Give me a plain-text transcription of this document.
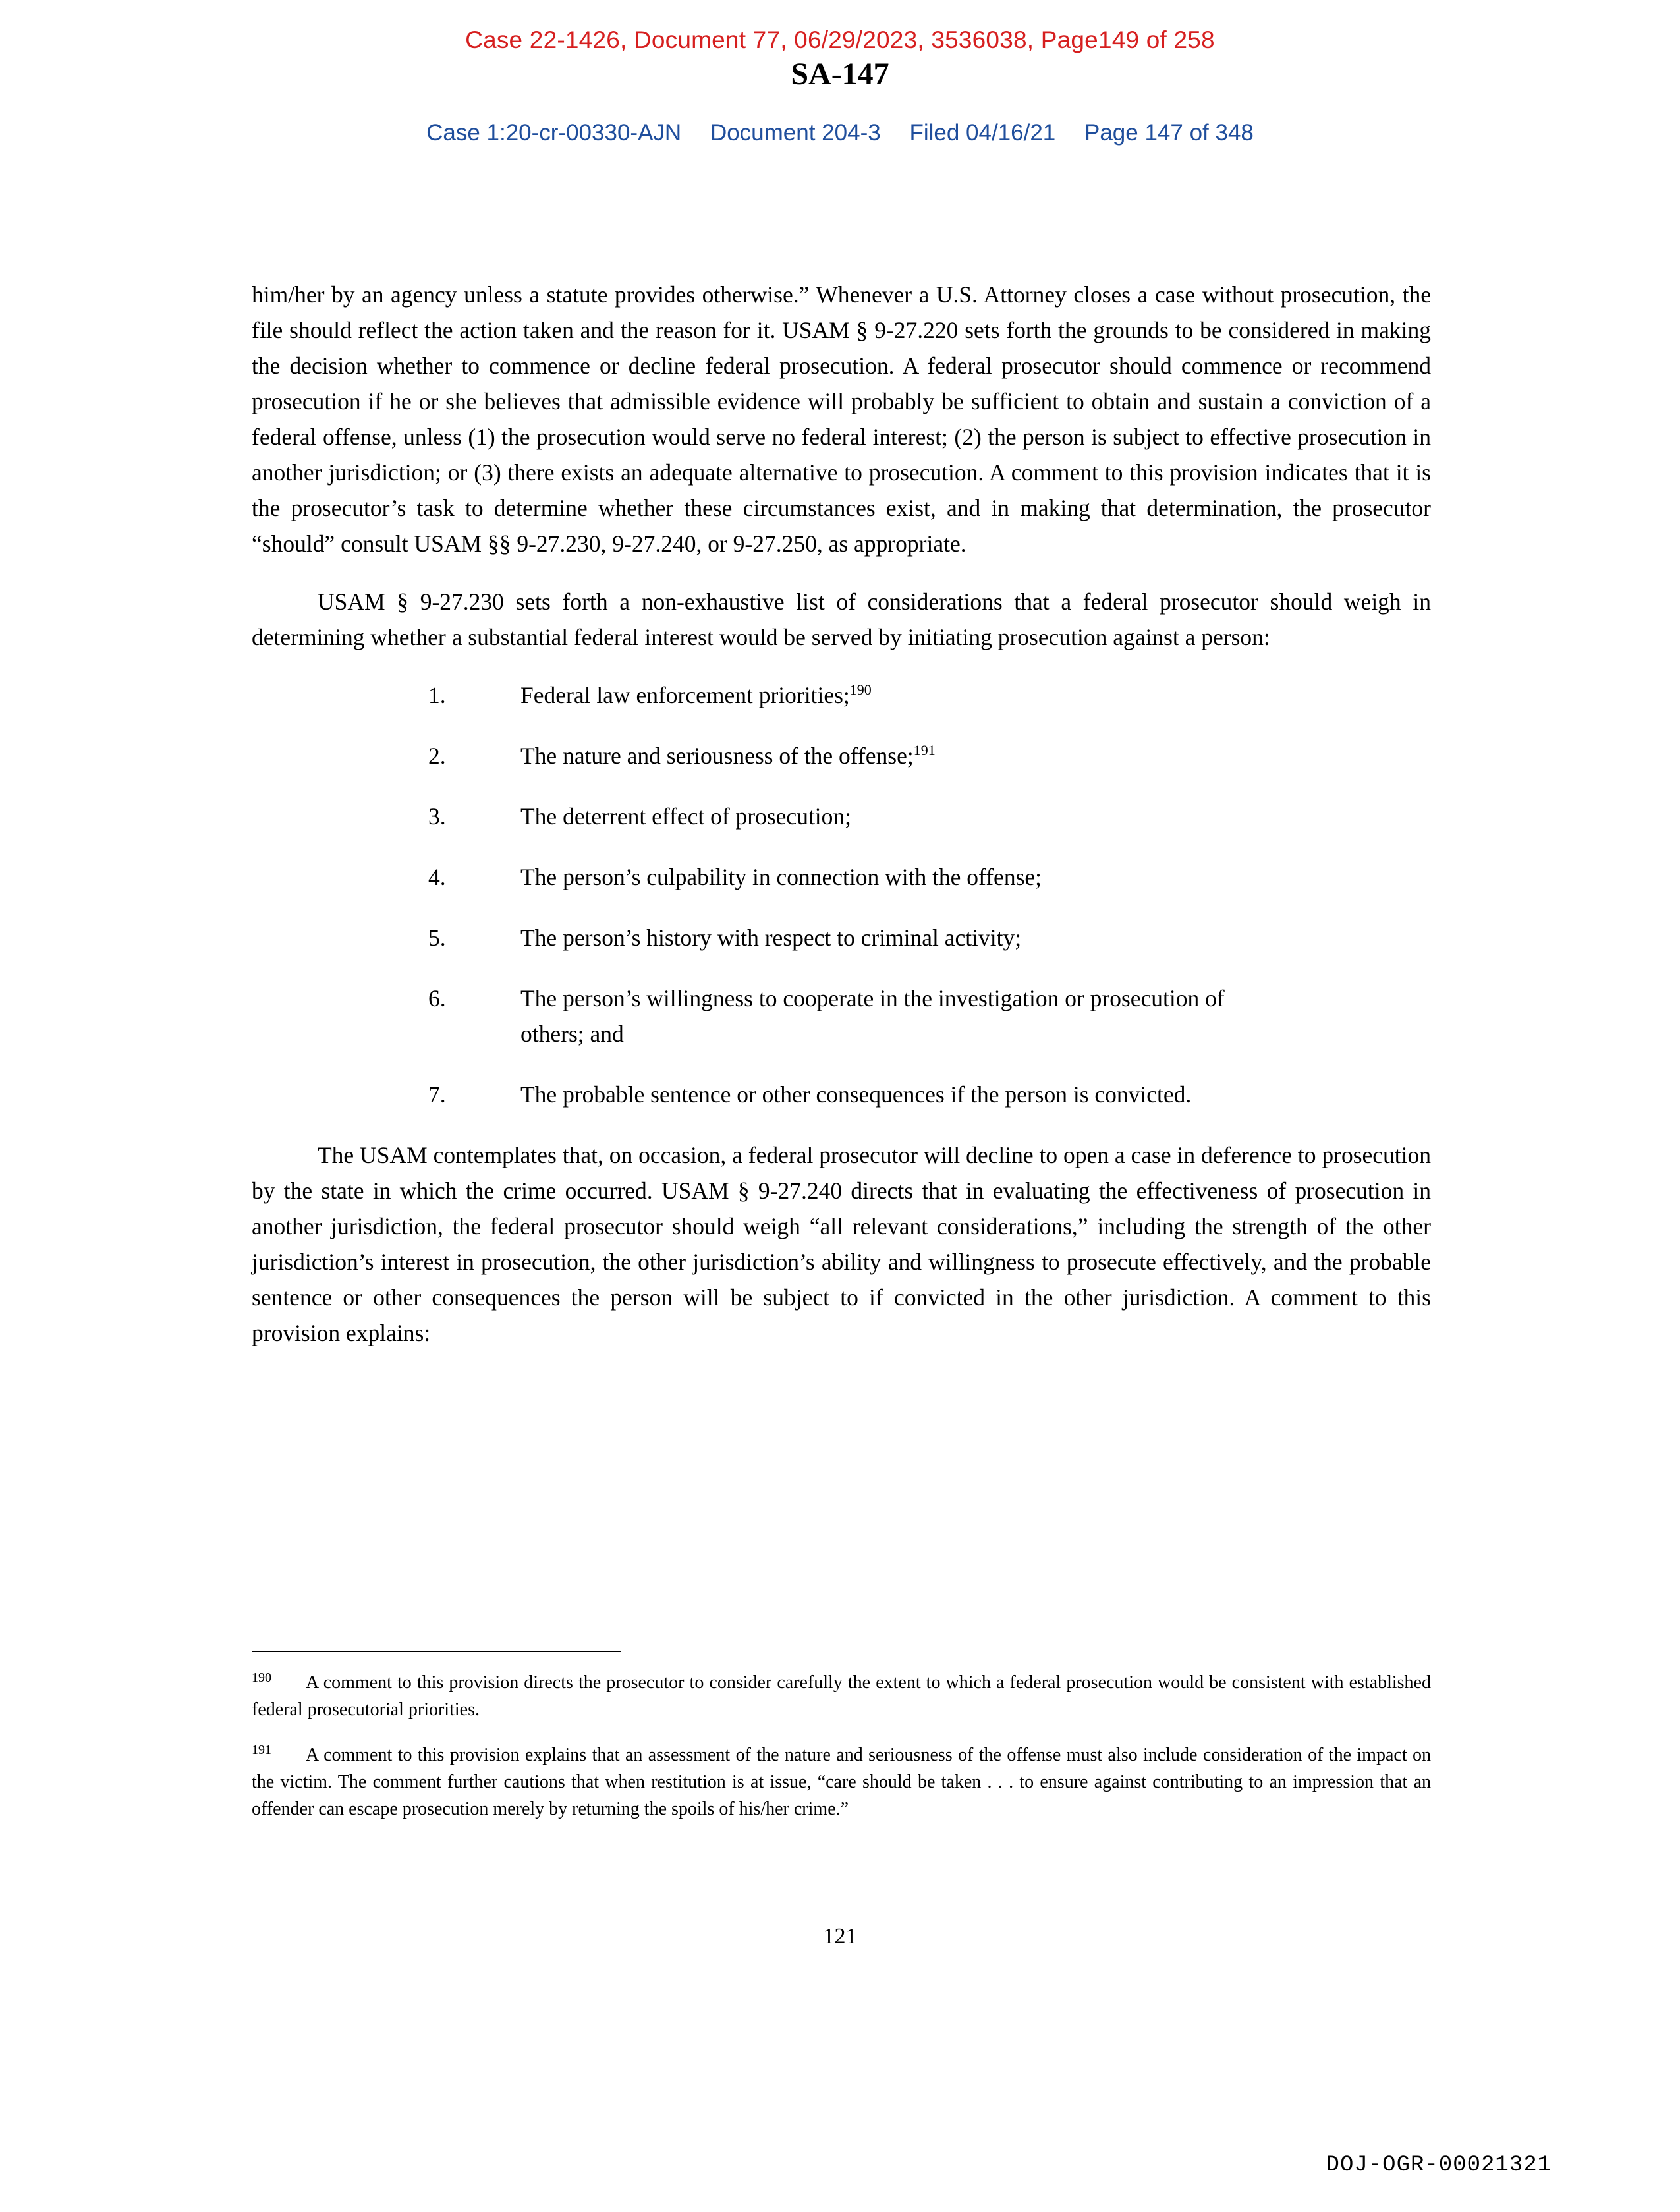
Case 22-1426, Document 77, 06/29/2023, 3536038, Page149 of 258
SA-147
Case 1:20-cr-00330-AJN Document 204-3 Filed 04/16/21 Page 147 of 348

him/her by an agency unless a statute provides otherwise.” Whenever a U.S. Attorney closes a case without prosecution, the file should reflect the action taken and the reason for it. USAM § 9-27.220 sets forth the grounds to be considered in making the decision whether to commence or decline federal prosecution. A federal prosecutor should commence or recommend prosecution if he or she believes that admissible evidence will probably be sufficient to obtain and sustain a conviction of a federal offense, unless (1) the prosecution would serve no federal interest; (2) the person is subject to effective prosecution in another jurisdiction; or (3) there exists an adequate alternative to prosecution. A comment to this provision indicates that it is the prosecutor’s task to determine whether these circumstances exist, and in making that determination, the prosecutor “should” consult USAM §§ 9-27.230, 9-27.240, or 9-27.250, as appropriate.

USAM § 9-27.230 sets forth a non-exhaustive list of considerations that a federal prosecutor should weigh in determining whether a substantial federal interest would be served by initiating prosecution against a person:

1.	Federal law enforcement priorities;$^{190}$
2.	The nature and seriousness of the offense;$^{191}$
3.	The deterrent effect of prosecution;
4.	The person’s culpability in connection with the offense;
5.	The person’s history with respect to criminal activity;
6.	The person’s willingness to cooperate in the investigation or prosecution of others; and
7.	The probable sentence or other consequences if the person is convicted.

The USAM contemplates that, on occasion, a federal prosecutor will decline to open a case in deference to prosecution by the state in which the crime occurred. USAM § 9-27.240 directs that in evaluating the effectiveness of prosecution in another jurisdiction, the federal prosecutor should weigh “all relevant considerations,” including the strength of the other jurisdiction’s interest in prosecution, the other jurisdiction’s ability and willingness to prosecute effectively, and the probable sentence or other consequences the person will be subject to if convicted in the other jurisdiction. A comment to this provision explains:

$^{190}$ A comment to this provision directs the prosecutor to consider carefully the extent to which a federal prosecution would be consistent with established federal prosecutorial priorities.
$^{191}$ A comment to this provision explains that an assessment of the nature and seriousness of the offense must also include consideration of the impact on the victim. The comment further cautions that when restitution is at issue, “care should be taken . . . to ensure against contributing to an impression that an offender can escape prosecution merely by returning the spoils of his/her crime.”
121
DOJ-OGR-00021321
